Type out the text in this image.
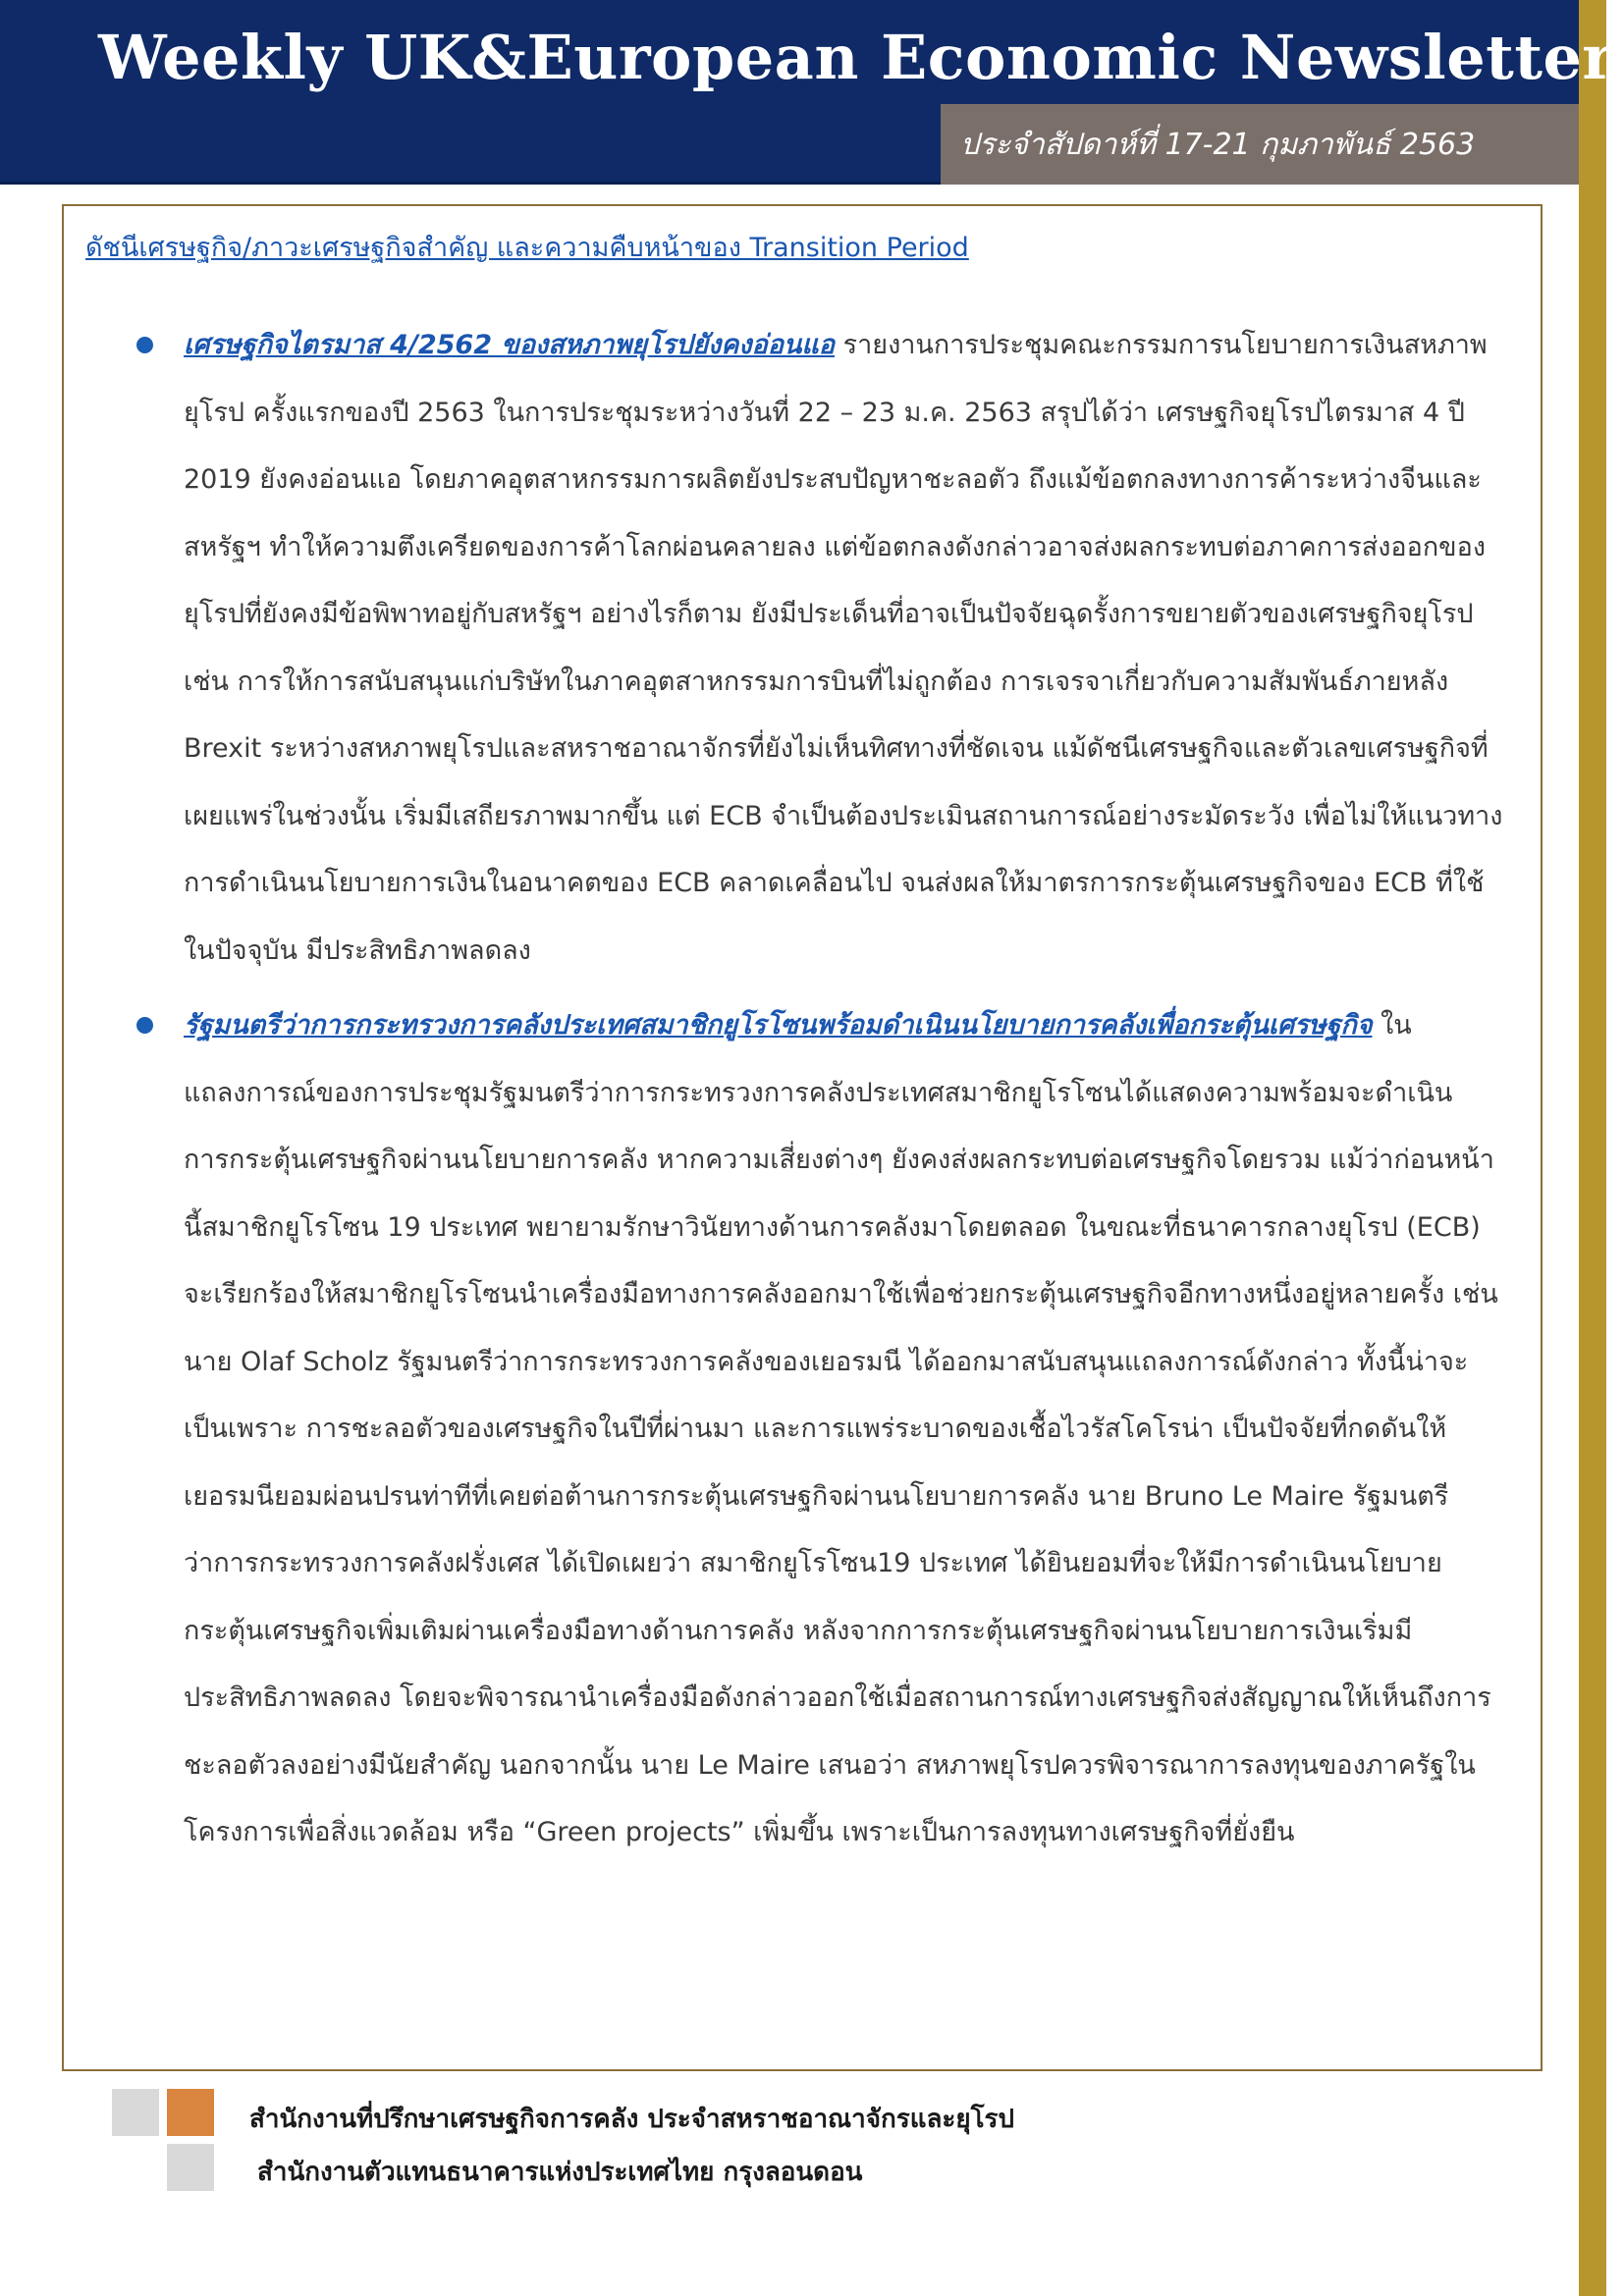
Weekly UK&European Economic Newsletter
ประจำสัปดาห์ที่ 17-21 กุมภาพันธ์ 2563
ดัชนีเศรษฐกิจ/ภาวะเศรษฐกิจสำคัญ และความคืบหน้าของ Transition Period

เศรษฐกิจไตรมาส 4/2562 ของสหภาพยุโรปยังคงอ่อนแอ รายงานการประชุมคณะกรรมการนโยบายการเงินสหภาพยุโรป ครั้งแรกของปี 2563 ในการประชุมระหว่างวันที่ 22 – 23 ม.ค. 2563 สรุปได้ว่า เศรษฐกิจยุโรปไตรมาส 4 ปี 2019 ยังคงอ่อนแอ โดยภาคอุตสาหกรรมการผลิตยังประสบปัญหาชะลอตัว ถึงแม้ข้อตกลงทางการค้าระหว่างจีนและสหรัฐฯ ทำให้ความตึงเครียดของการค้าโลกผ่อนคลายลง แต่ข้อตกลงดังกล่าวอาจส่งผลกระทบต่อภาคการส่งออกของยุโรปที่ยังคงมีข้อพิพาทอยู่กับสหรัฐฯ อย่างไรก็ตาม ยังมีประเด็นที่อาจเป็นปัจจัยฉุดรั้งการขยายตัวของเศรษฐกิจยุโรป เช่น การให้การสนับสนุนแก่บริษัทในภาคอุตสาหกรรมการบินที่ไม่ถูกต้อง การเจรจาเกี่ยวกับความสัมพันธ์ภายหลัง Brexit ระหว่างสหภาพยุโรปและสหราชอาณาจักรที่ยังไม่เห็นทิศทางที่ชัดเจน แม้ดัชนีเศรษฐกิจและตัวเลขเศรษฐกิจที่เผยแพร่ในช่วงนั้น เริ่มมีเสถียรภาพมากขึ้น แต่ ECB จำเป็นต้องประเมินสถานการณ์อย่างระมัดระวัง เพื่อไม่ให้แนวทางการดำเนินนโยบายการเงินในอนาคตของ ECB คลาดเคลื่อนไป จนส่งผลให้มาตรการกระตุ้นเศรษฐกิจของ ECB ที่ใช้ในปัจจุบัน มีประสิทธิภาพลดลง

รัฐมนตรีว่าการกระทรวงการคลังประเทศสมาชิกยูโรโซนพร้อมดำเนินนโยบายการคลังเพื่อกระตุ้นเศรษฐกิจ ในแถลงการณ์ของการประชุมรัฐมนตรีว่าการกระทรวงการคลังประเทศสมาชิกยูโรโซนได้แสดงความพร้อมจะดำเนินการกระตุ้นเศรษฐกิจผ่านนโยบายการคลัง หากความเสี่ยงต่างๆ ยังคงส่งผลกระทบต่อเศรษฐกิจโดยรวม แม้ว่าก่อนหน้านี้สมาชิกยูโรโซน 19 ประเทศ พยายามรักษาวินัยทางด้านการคลังมาโดยตลอด ในขณะที่ธนาคารกลางยุโรป (ECB) จะเรียกร้องให้สมาชิกยูโรโซนนำเครื่องมือทางการคลังออกมาใช้เพื่อช่วยกระตุ้นเศรษฐกิจอีกทางหนึ่งอยู่หลายครั้ง เช่น นาย Olaf Scholz รัฐมนตรีว่าการกระทรวงการคลังของเยอรมนี ได้ออกมาสนับสนุนแถลงการณ์ดังกล่าว ทั้งนี้น่าจะเป็นเพราะ การชะลอตัวของเศรษฐกิจในปีที่ผ่านมา และการแพร่ระบาดของเชื้อไวรัสโคโรน่า เป็นปัจจัยที่กดดันให้เยอรมนียอมผ่อนปรนท่าทีที่เคยต่อต้านการกระตุ้นเศรษฐกิจผ่านนโยบายการคลัง นาย Bruno Le Maire รัฐมนตรีว่าการกระทรวงการคลังฝรั่งเศส ได้เปิดเผยว่า สมาชิกยูโรโซน19 ประเทศ ได้ยินยอมที่จะให้มีการดำเนินนโยบายกระตุ้นเศรษฐกิจเพิ่มเติมผ่านเครื่องมือทางด้านการคลัง หลังจากการกระตุ้นเศรษฐกิจผ่านนโยบายการเงินเริ่มมีประสิทธิภาพลดลง โดยจะพิจารณานำเครื่องมือดังกล่าวออกใช้เมื่อสถานการณ์ทางเศรษฐกิจส่งสัญญาณให้เห็นถึงการชะลอตัวลงอย่างมีนัยสำคัญ นอกจากนั้น นาย Le Maire เสนอว่า สหภาพยุโรปควรพิจารณาการลงทุนของภาครัฐในโครงการเพื่อสิ่งแวดล้อม หรือ “Green projects” เพิ่มขึ้น เพราะเป็นการลงทุนทางเศรษฐกิจที่ยั่งยืน

สำนักงานที่ปรึกษาเศรษฐกิจการคลัง ประจำสหราชอาณาจักรและยุโรป
สำนักงานตัวแทนธนาคารแห่งประเทศไทย กรุงลอนดอน
